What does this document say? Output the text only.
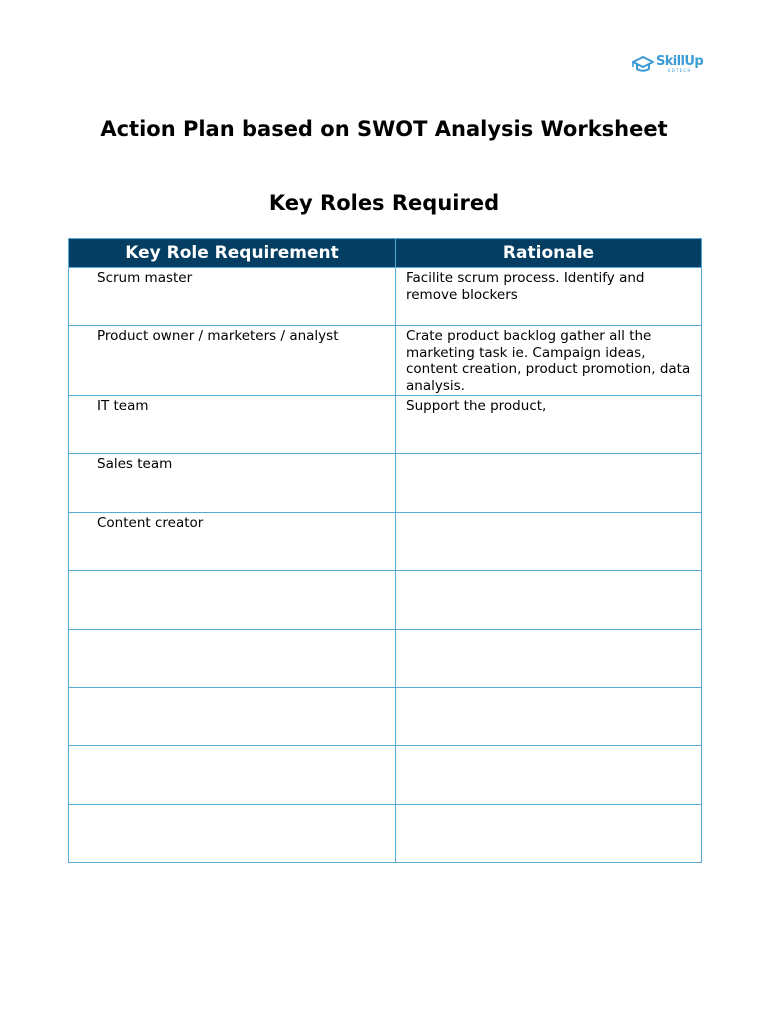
SkillUp
EDTECH
Action Plan based on SWOT Analysis Worksheet
Key Roles Required
Key Role Requirement	Rationale
Scrum master	Facilite scrum process. Identify and remove blockers
Product owner / marketers / analyst	Crate product backlog gather all the marketing task ie. Campaign ideas, content creation, product promotion, data analysis.
IT team	Support the product,
Sales team	
Content creator	
